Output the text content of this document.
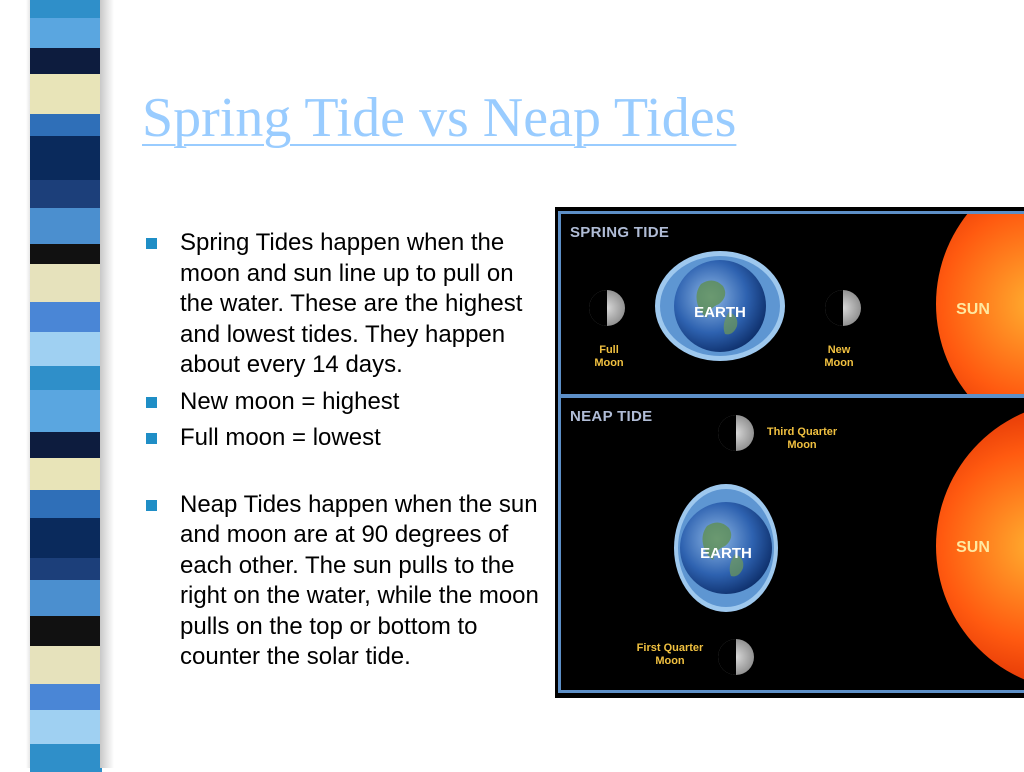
Spring Tide vs Neap Tides
Spring Tides happen when the moon and sun line up to pull on the water. These are the highest and lowest tides. They happen about every 14 days.
New moon = highest
Full moon = lowest
Neap Tides happen when the sun and moon are at 90 degrees of each other. The sun pulls to the right on the water, while the moon pulls on the top or bottom to counter the solar tide.
EARTH	SUN
SPRING TIDE
Full
Moon
New
Moon
EARTH	SUN
NEAP TIDE
Third Quarter
Moon
First Quarter
Moon
